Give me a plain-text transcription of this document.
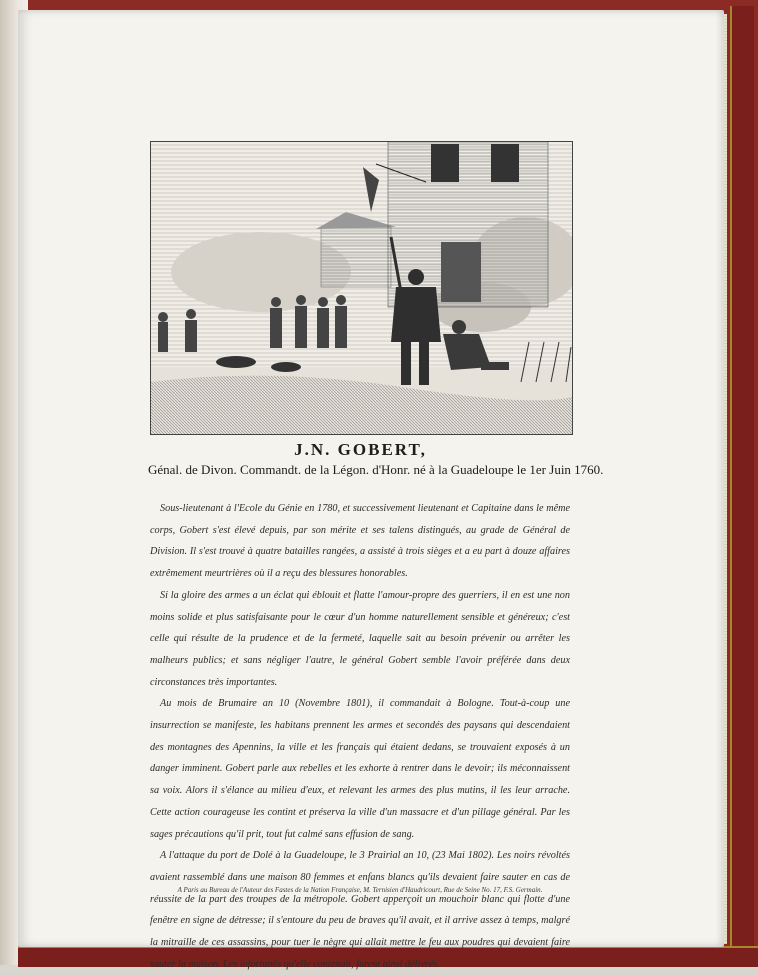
J.N. GOBERT,
Génal. de Divon. Commandt. de la Légon. d'Honr. né à la Guadeloupe le 1er Juin 1760.

Sous-lieutenant à l'Ecole du Génie en 1780, et successivement lieutenant et Capitaine dans le même corps, Gobert s'est élevé depuis, par son mérite et ses talens distingués, au grade de Général de Division. Il s'est trouvé à quatre batailles rangées, a assisté à trois sièges et a eu part à douze affaires extrêmement meurtrières où il a reçu des blessures honorables.

Si la gloire des armes a un éclat qui éblouit et flatte l'amour-propre des guerriers, il en est une non moins solide et plus satisfaisante pour le cœur d'un homme naturellement sensible et généreux; c'est celle qui résulte de la prudence et de la fermeté, laquelle sait au besoin prévenir ou arrêter les malheurs publics; et sans négliger l'autre, le général Gobert semble l'avoir préférée dans deux circonstances très importantes.

Au mois de Brumaire an 10 (Novembre 1801), il commandait à Bologne. Tout-à-coup une insurrection se manifeste, les habitans prennent les armes et secondés des paysans qui descendaient des montagnes des Apennins, la ville et les français qui étaient dedans, se trouvaient exposés à un danger imminent. Gobert parle aux rebelles et les exhorte à rentrer dans le devoir; ils méconnaissent sa voix. Alors il s'élance au milieu d'eux, et relevant les armes des plus mutins, il les leur arrache. Cette action courageuse les contint et préserva la ville d'un massacre et d'un pillage général. Par les sages précautions qu'il prit, tout fut calmé sans effusion de sang.

A l'attaque du port de Dolé à la Guadeloupe, le 3 Prairial an 10, (23 Mai 1802). Les noirs révoltés avaient rassemblé dans une maison 80 femmes et enfans blancs qu'ils devaient faire sauter en cas de réussite de la part des troupes de la métropole. Gobert apperçoit un mouchoir blanc qui flotte d'une fenêtre en signe de détresse; il s'entoure du peu de braves qu'il avait, et il arrive assez à temps, malgré la mitraille de ces assassins, pour tuer le nègre qui allait mettre le feu aux poudres qui devaient faire sauter la maison. Les infortunés qu'elle contenait, furent ainsi délivrés.

A Paris au Bureau de l'Auteur des Fastes de la Nation Française, M. Ternisien d'Haudricourt, Rue de Seine No. 17, F.S. Germain.
